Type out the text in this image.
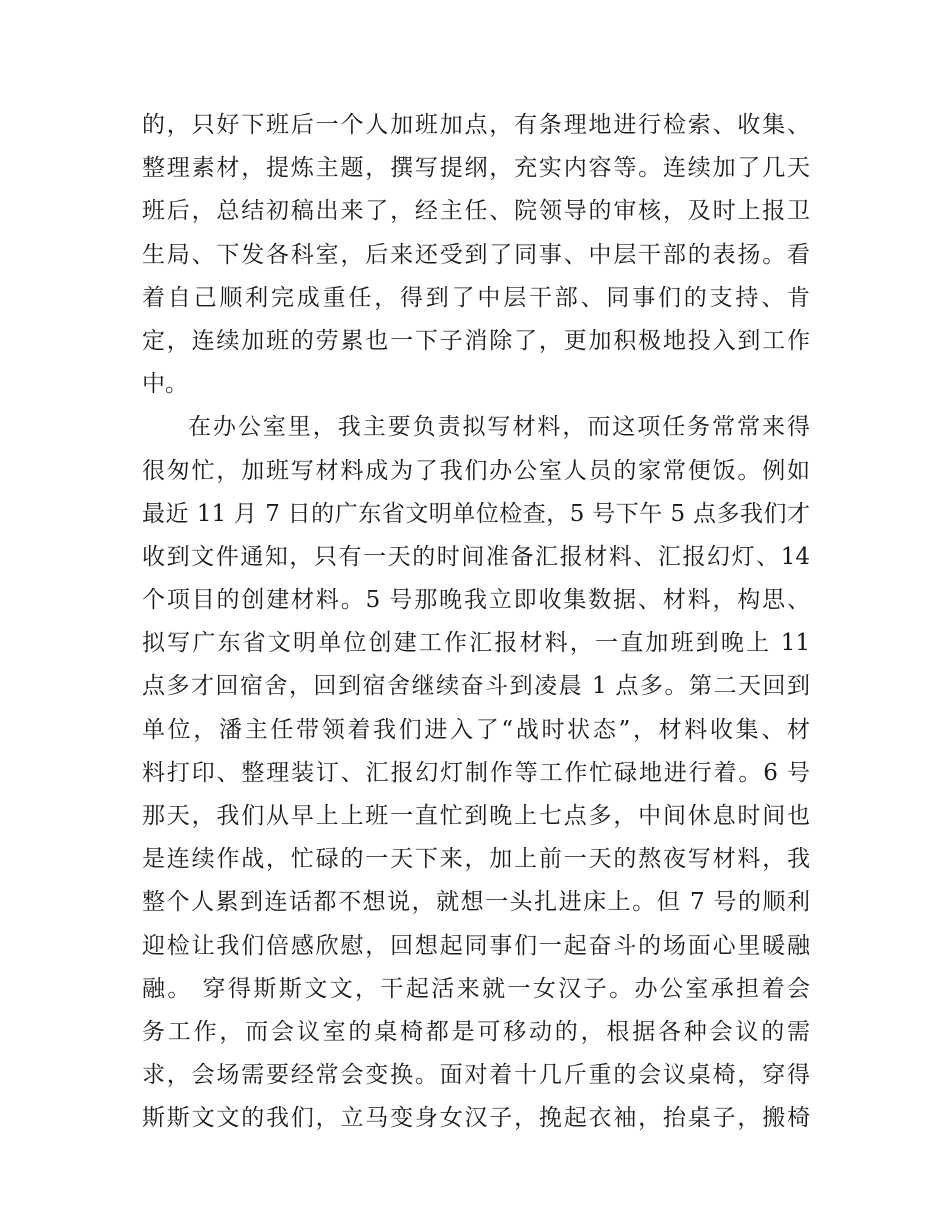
的，只好下班后一个人加班加点，有条理地进行检索、收集、
整理素材，提炼主题，撰写提纲，充实内容等。连续加了几天
班后，总结初稿出来了，经主任、院领导的审核，及时上报卫
生局、下发各科室，后来还受到了同事、中层干部的表扬。看
着自己顺利完成重任，得到了中层干部、同事们的支持、肯
定，连续加班的劳累也一下子消除了，更加积极地投入到工作
中。
在办公室里，我主要负责拟写材料，而这项任务常常来得
很匆忙，加班写材料成为了我们办公室人员的家常便饭。例如
最近 11 月 7 日的广东省文明单位检查，5 号下午 5 点多我们才
收到文件通知，只有一天的时间准备汇报材料、汇报幻灯、14
个项目的创建材料。5 号那晚我立即收集数据、材料，构思、
拟写广东省文明单位创建工作汇报材料，一直加班到晚上 11
点多才回宿舍，回到宿舍继续奋斗到凌晨 1 点多。第二天回到
单位，潘主任带领着我们进入了“战时状态”，材料收集、材
料打印、整理装订、汇报幻灯制作等工作忙碌地进行着。6 号
那天，我们从早上上班一直忙到晚上七点多，中间休息时间也
是连续作战，忙碌的一天下来，加上前一天的熬夜写材料，我
整个人累到连话都不想说，就想一头扎进床上。但 7 号的顺利
迎检让我们倍感欣慰，回想起同事们一起奋斗的场面心里暖融
融。 穿得斯斯文文，干起活来就一女汉子。办公室承担着会
务工作，而会议室的桌椅都是可移动的，根据各种会议的需
求，会场需要经常会变换。面对着十几斤重的会议桌椅，穿得
斯斯文文的我们，立马变身女汉子，挽起衣袖，抬桌子，搬椅
